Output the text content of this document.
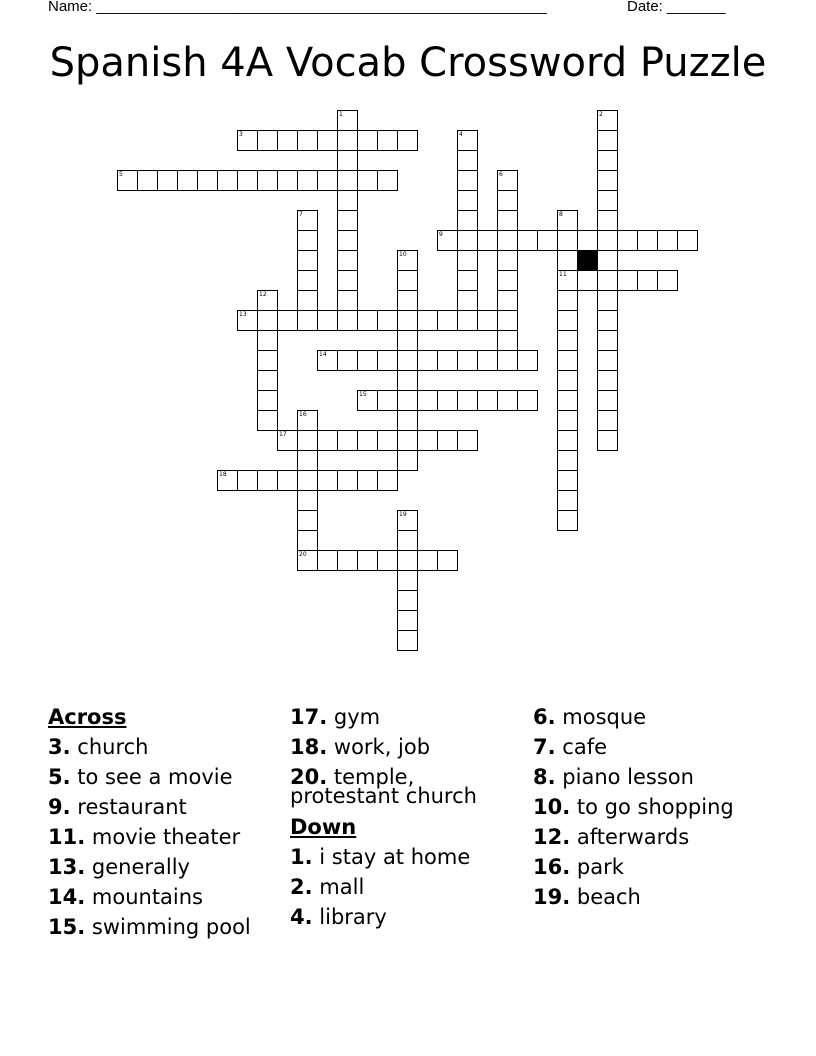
Name: ______________________________________________________	Date: _______
Spanish 4A Vocab Crossword Puzzle
1	2
3	4
5	6
7	8
9
10
11
12
13
14
15
16
17
18
19
20
Across
3. church
5. to see a movie
9. restaurant
11. movie theater
13. generally
14. mountains
15. swimming pool
17. gym
18. work, job
20. temple,
protestant church
Down
1. i stay at home
2. mall
4. library
6. mosque
7. cafe
8. piano lesson
10. to go shopping
12. afterwards
16. park
19. beach
